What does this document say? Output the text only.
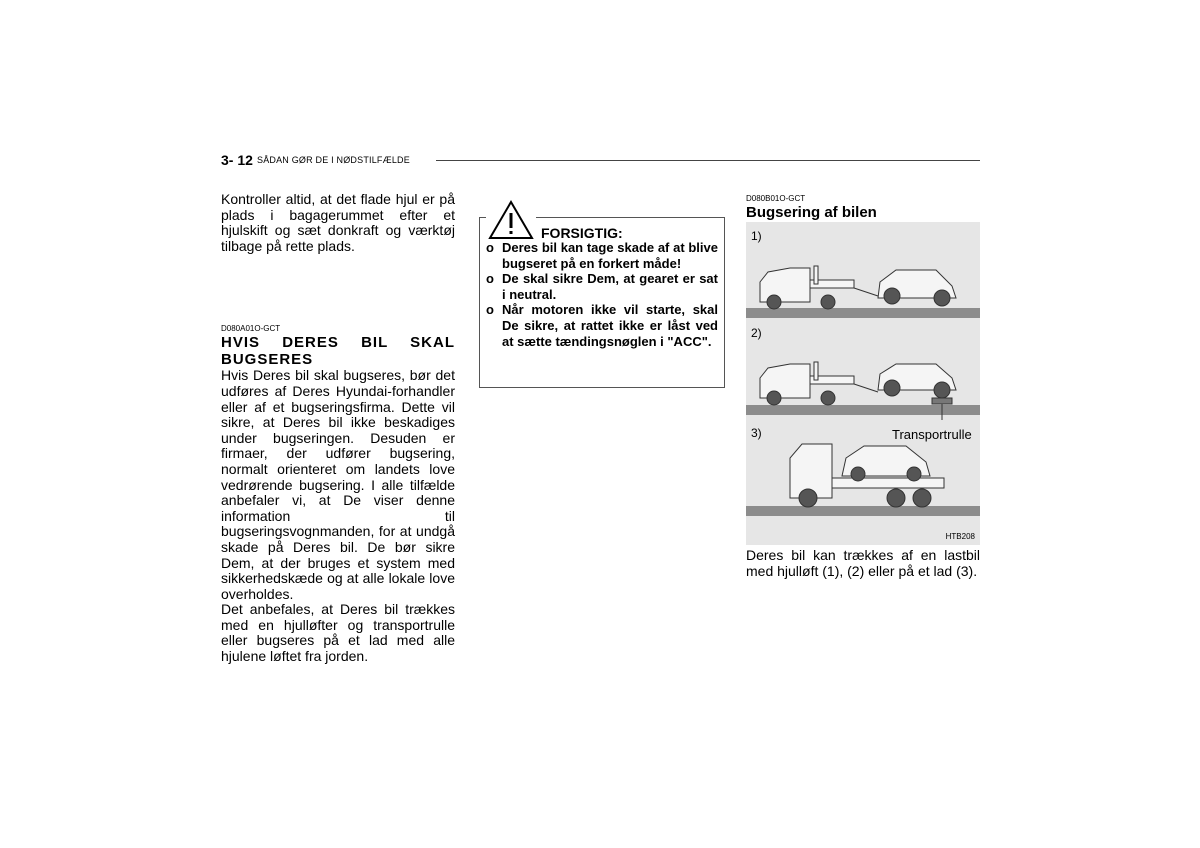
3- 12 SÅDAN GØR DE I NØDSTILFÆLDE

Kontroller altid, at det flade hjul er på plads i bagagerummet efter et hjulskift og sæt donkraft og værktøj tilbage på rette plads.

D080A01O-GCT

HVIS DERES BIL SKAL BUGSERES

Hvis Deres bil skal bugseres, bør det udføres af Deres Hyundai-forhandler eller af et bugseringsfirma. Dette vil sikre, at Deres bil ikke beskadiges under bugseringen. Desuden er firmaer, der udfører bugsering, normalt orienteret om landets love vedrørende bugsering. I alle tilfælde anbefaler vi, at De viser denne information til bugseringsvognmanden, for at undgå skade på Deres bil. De bør sikre Dem, at der bruges et system med sikkerhedskæde og at alle lokale love overholdes.

Det anbefales, at Deres bil trækkes med en hjulløfter og transportrulle eller bugseres på et lad med alle hjulene løftet fra jorden.

FORSIGTIG:
o Deres bil kan tage skade af at blive bugseret på en forkert måde!
o De skal sikre Dem, at gearet er sat i neutral.
o Når motoren ikke vil starte, skal De sikre, at rattet ikke er låst ved at sætte tændingsnøglen i "ACC".

D080B01O-GCT

Bugsering af bilen

1)
2)
3)	Transportrulle
HTB208

Deres bil kan trækkes af en lastbil med hjulløft (1), (2) eller på et lad (3).
